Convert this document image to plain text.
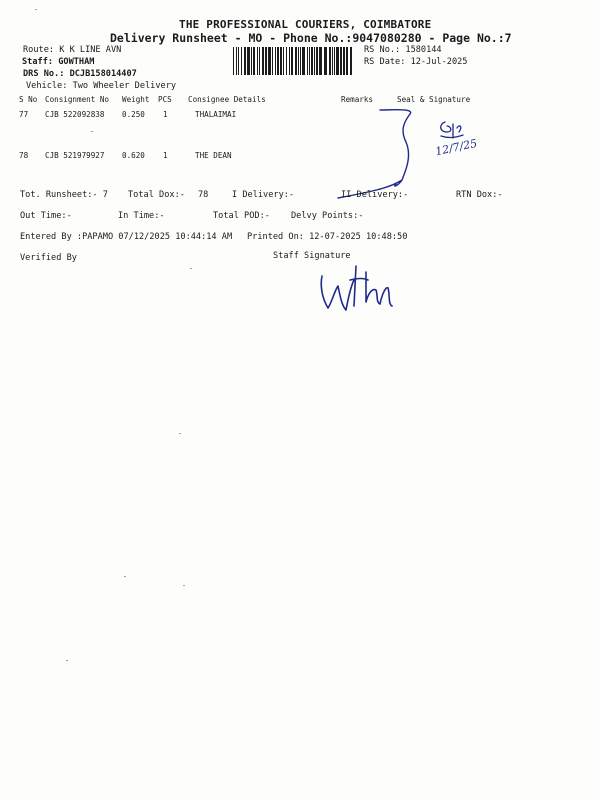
THE PROFESSIONAL COURIERS, COIMBATORE
Delivery Runsheet - MO - Phone No.:9047080280 - Page No.:7
Route: K K LINE AVN
Staff: GOWTHAM
DRS No.: DCJB158014407
Vehicle: Two Wheeler Delivery
RS No.: 1580144
RS Date: 12-Jul-2025
S No Consignment No Weight PCS Consignee Details	Remarks	Seal & Signature
77 CJB 522092838 0.250 1	THALAIMAI
78 CJB 521979927 0.620 1	THE DEAN	12/7/25
Tot. Runsheet:- 7 Total Dox:- 78	I Delivery:-	II Delivery:-	RTN Dox:-
Out Time:-	In Time:-	Total POD:- Delvy Points:-
Entered By :PAPAMO 07/12/2025 10:44:14 AM Printed On: 12-07-2025 10:48:50
Verified By	Staff Signature
